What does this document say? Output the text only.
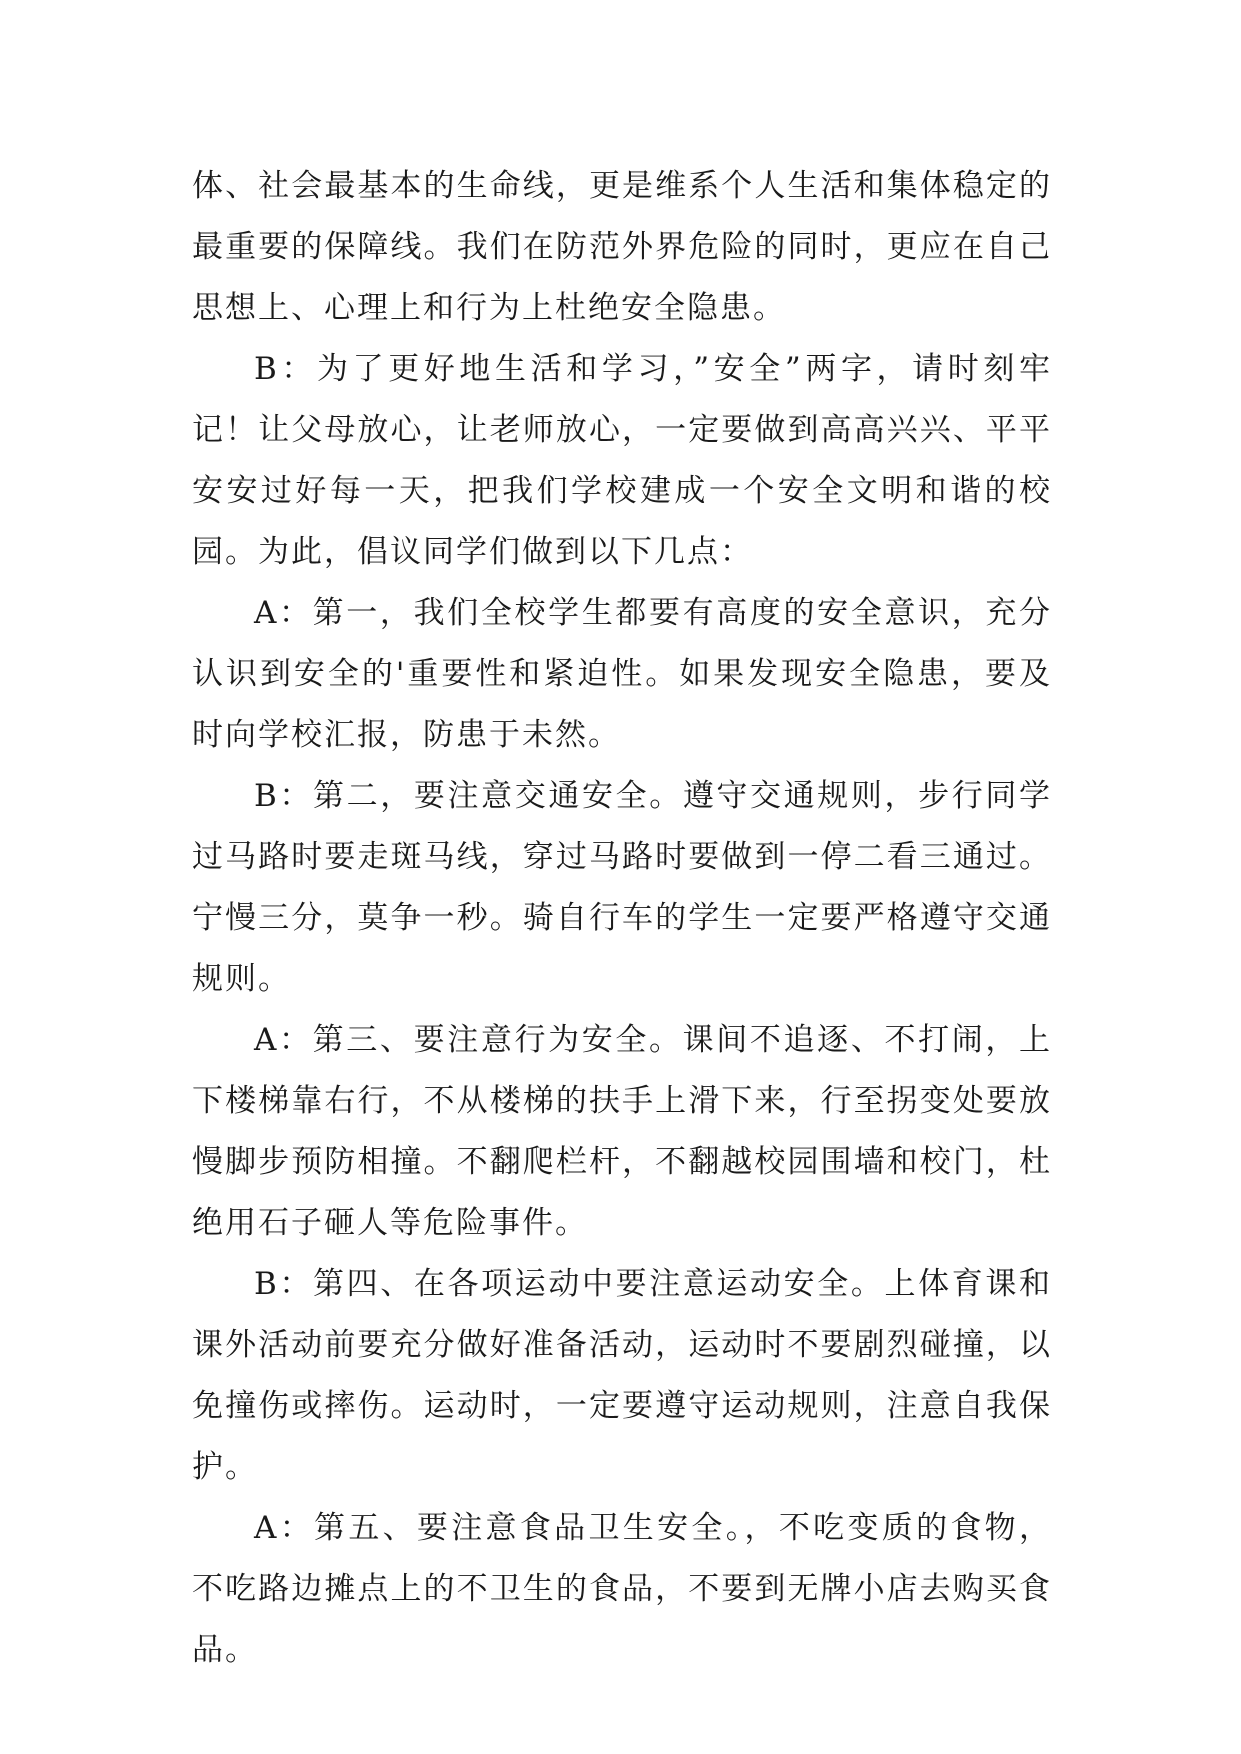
体、社会最基本的生命线，更是维系个人生活和集体稳定的最重要的保障线。我们在防范外界危险的同时，更应在自己思想上、心理上和行为上杜绝安全隐患。

B：为了更好地生活和学习，”安全”两字，请时刻牢记！让父母放心，让老师放心，一定要做到高高兴兴、平平安安过好每一天，把我们学校建成一个安全文明和谐的校园。为此，倡议同学们做到以下几点：

A：第一，我们全校学生都要有高度的安全意识，充分认识到安全的'重要性和紧迫性。如果发现安全隐患，要及时向学校汇报，防患于未然。

B：第二，要注意交通安全。遵守交通规则，步行同学过马路时要走斑马线，穿过马路时要做到一停二看三通过。宁慢三分，莫争一秒。骑自行车的学生一定要严格遵守交通规则。

A：第三、要注意行为安全。课间不追逐、不打闹，上下楼梯靠右行，不从楼梯的扶手上滑下来，行至拐变处要放慢脚步预防相撞。不翻爬栏杆，不翻越校园围墙和校门，杜绝用石子砸人等危险事件。

B：第四、在各项运动中要注意运动安全。上体育课和课外活动前要充分做好准备活动，运动时不要剧烈碰撞，以免撞伤或摔伤。运动时，一定要遵守运动规则，注意自我保护。

A：第五、要注意食品卫生安全。，不吃变质的食物，不吃路边摊点上的不卫生的食品，不要到无牌小店去购买食品。
